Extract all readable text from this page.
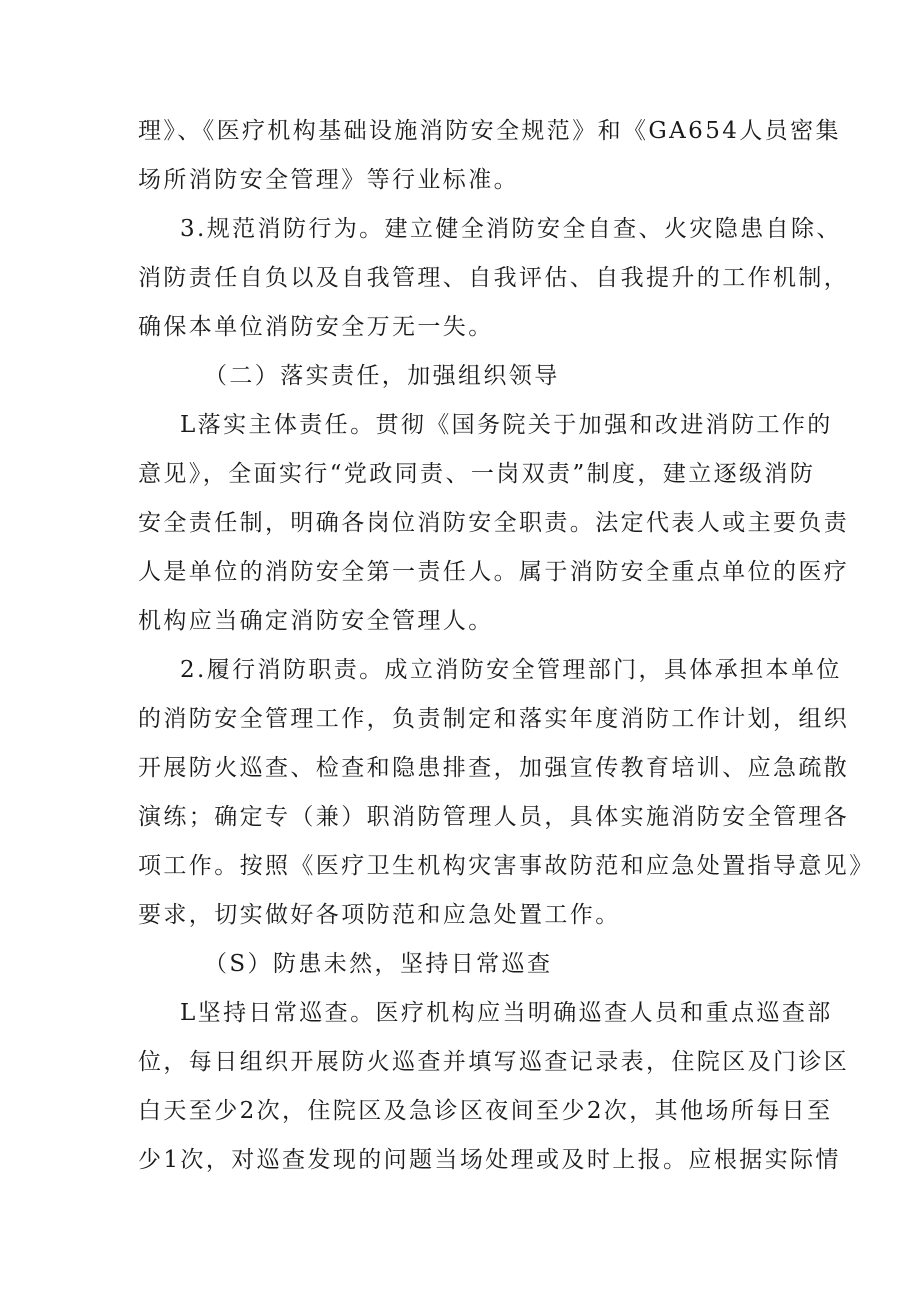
理》、《医疗机构基础设施消防安全规范》和《GA654人员密集
场所消防安全管理》等行业标准。
3.规范消防行为。建立健全消防安全自查、火灾隐患自除、
消防责任自负以及自我管理、自我评估、自我提升的工作机制，
确保本单位消防安全万无一失。
（二）落实责任，加强组织领导
L落实主体责任。贯彻《国务院关于加强和改进消防工作的
意见》，全面实行“党政同责、一岗双责”制度，建立逐级消防
安全责任制，明确各岗位消防安全职责。法定代表人或主要负责
人是单位的消防安全第一责任人。属于消防安全重点单位的医疗
机构应当确定消防安全管理人。
2.履行消防职责。成立消防安全管理部门，具体承担本单位
的消防安全管理工作，负责制定和落实年度消防工作计划，组织
开展防火巡查、检查和隐患排查，加强宣传教育培训、应急疏散
演练；确定专（兼）职消防管理人员，具体实施消防安全管理各
项工作。按照《医疗卫生机构灾害事故防范和应急处置指导意见》
要求，切实做好各项防范和应急处置工作。
（S）防患未然，坚持日常巡查
L坚持日常巡查。医疗机构应当明确巡查人员和重点巡查部
位，每日组织开展防火巡查并填写巡查记录表，住院区及门诊区
白天至少2次，住院区及急诊区夜间至少2次，其他场所每日至
少1次，对巡查发现的问题当场处理或及时上报。应根据实际情
